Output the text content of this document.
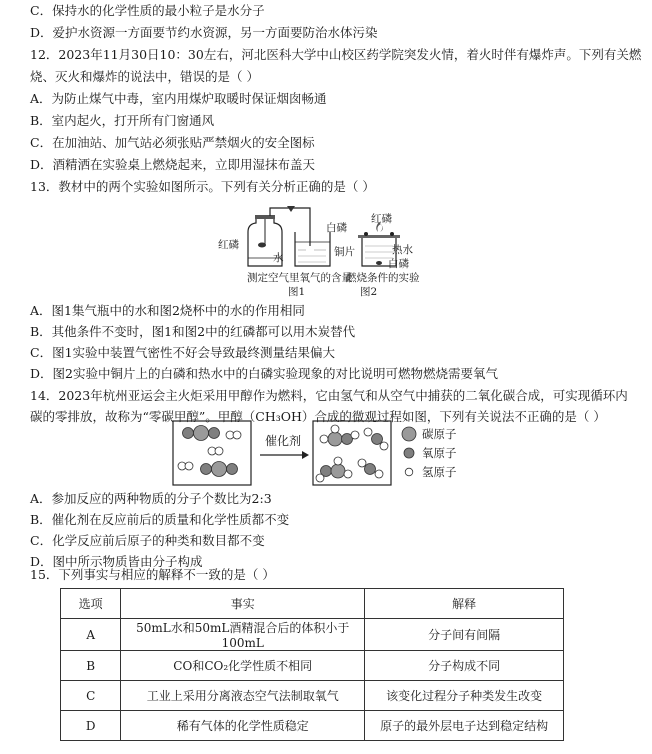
C．保持水的化学性质的最小粒子是水分子
D．爱护水资源一方面要节约水资源，另一方面要防治水体污染
12．2023年11月30日10：30左右，河北医科大学中山校区药学院突发火情，着火时伴有爆炸声。下列有关燃
烧、灭火和爆炸的说法中，错误的是（ ）
A．为防止煤气中毒，室内用煤炉取暖时保证烟囱畅通
B．室内起火，打开所有门窗通风
C．在加油站、加气站必须张贴严禁烟火的安全图标
D．酒精洒在实验桌上燃烧起来，立即用湿抹布盖天
13．教材中的两个实验如图所示。下列有关分析正确的是（ ）
红磷
水
测定空气里氧气的含量
图1
白磷
红磷
铜片	热水
白磷
燃烧条件的实验
图2
A．图1集气瓶中的水和图2烧杯中的水的作用相同
B．其他条件不变时，图1和图2中的红磷都可以用木炭替代
C．图1实验中装置气密性不好会导致最终测量结果偏大
D．图2实验中铜片上的白磷和热水中的白磷实验现象的对比说明可燃物燃烧需要氧气
14．2023年杭州亚运会主火炬采用甲醇作为燃料，它由氢气和从空气中捕获的二氧化碳合成，可实现循环内
碳的零排放，故称为“零碳甲醇”。甲醇（CH₃OH）合成的微观过程如图，下列有关说法不正确的是（ ）
催化剂	碳原子
氧原子
氢原子
A．参加反应的两种物质的分子个数比为2:3
B．催化剂在反应前后的质量和化学性质都不变
C．化学反应前后原子的种类和数目都不变
D．图中所示物质皆由分子构成
15．下列事实与相应的解释不一致的是（ ）
选项	事实	解释
A	50mL水和50mL酒精混合后的体积小于100mL	分子间有间隔
B	CO和CO₂化学性质不相同	分子构成不同
C	工业上采用分离液态空气法制取氧气	该变化过程分子种类发生改变
D	稀有气体的化学性质稳定	原子的最外层电子达到稳定结构
